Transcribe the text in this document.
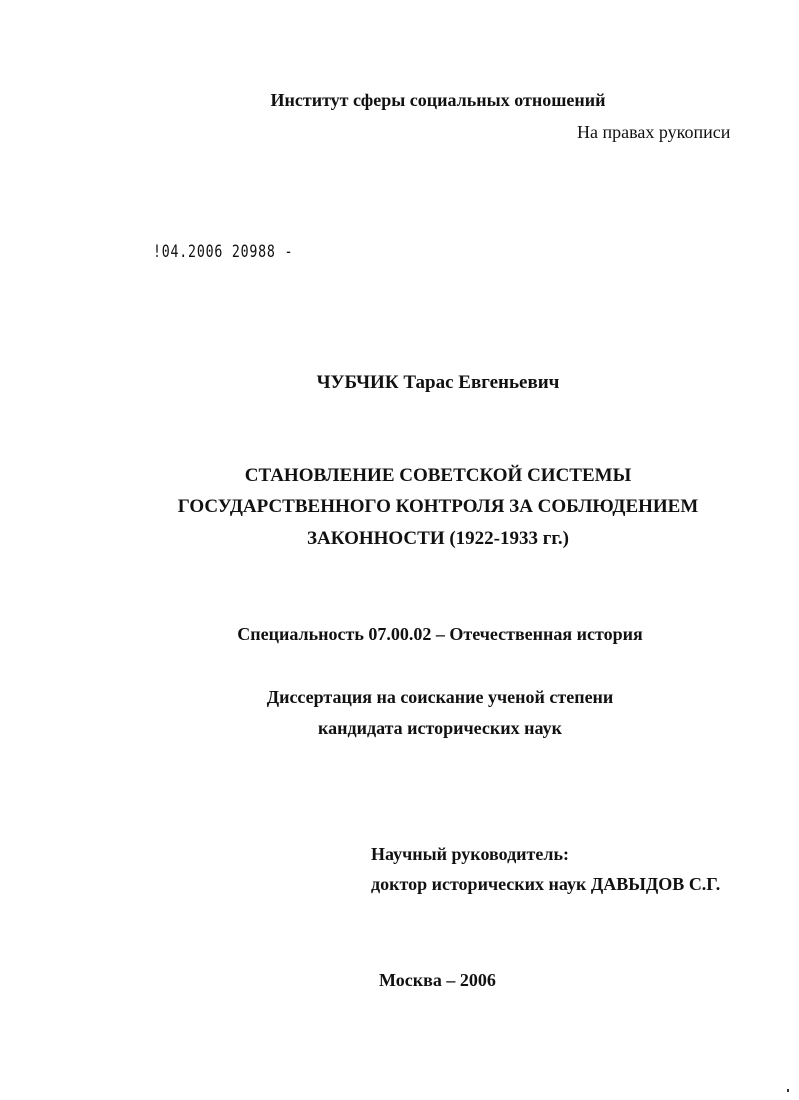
Институт сферы социальных отношений
На правах рукописи
!04.2006 20988 -
ЧУБЧИК Тарас Евгеньевич
СТАНОВЛЕНИЕ СОВЕТСКОЙ СИСТЕМЫ
ГОСУДАРСТВЕННОГО КОНТРОЛЯ ЗА СОБЛЮДЕНИЕМ
ЗАКОННОСТИ (1922-1933 гг.)
Специальность 07.00.02 – Отечественная история
Диссертация на соискание ученой степени
кандидата исторических наук
Научный руководитель:
доктор исторических наук ДАВЫДОВ С.Г.
Москва – 2006
